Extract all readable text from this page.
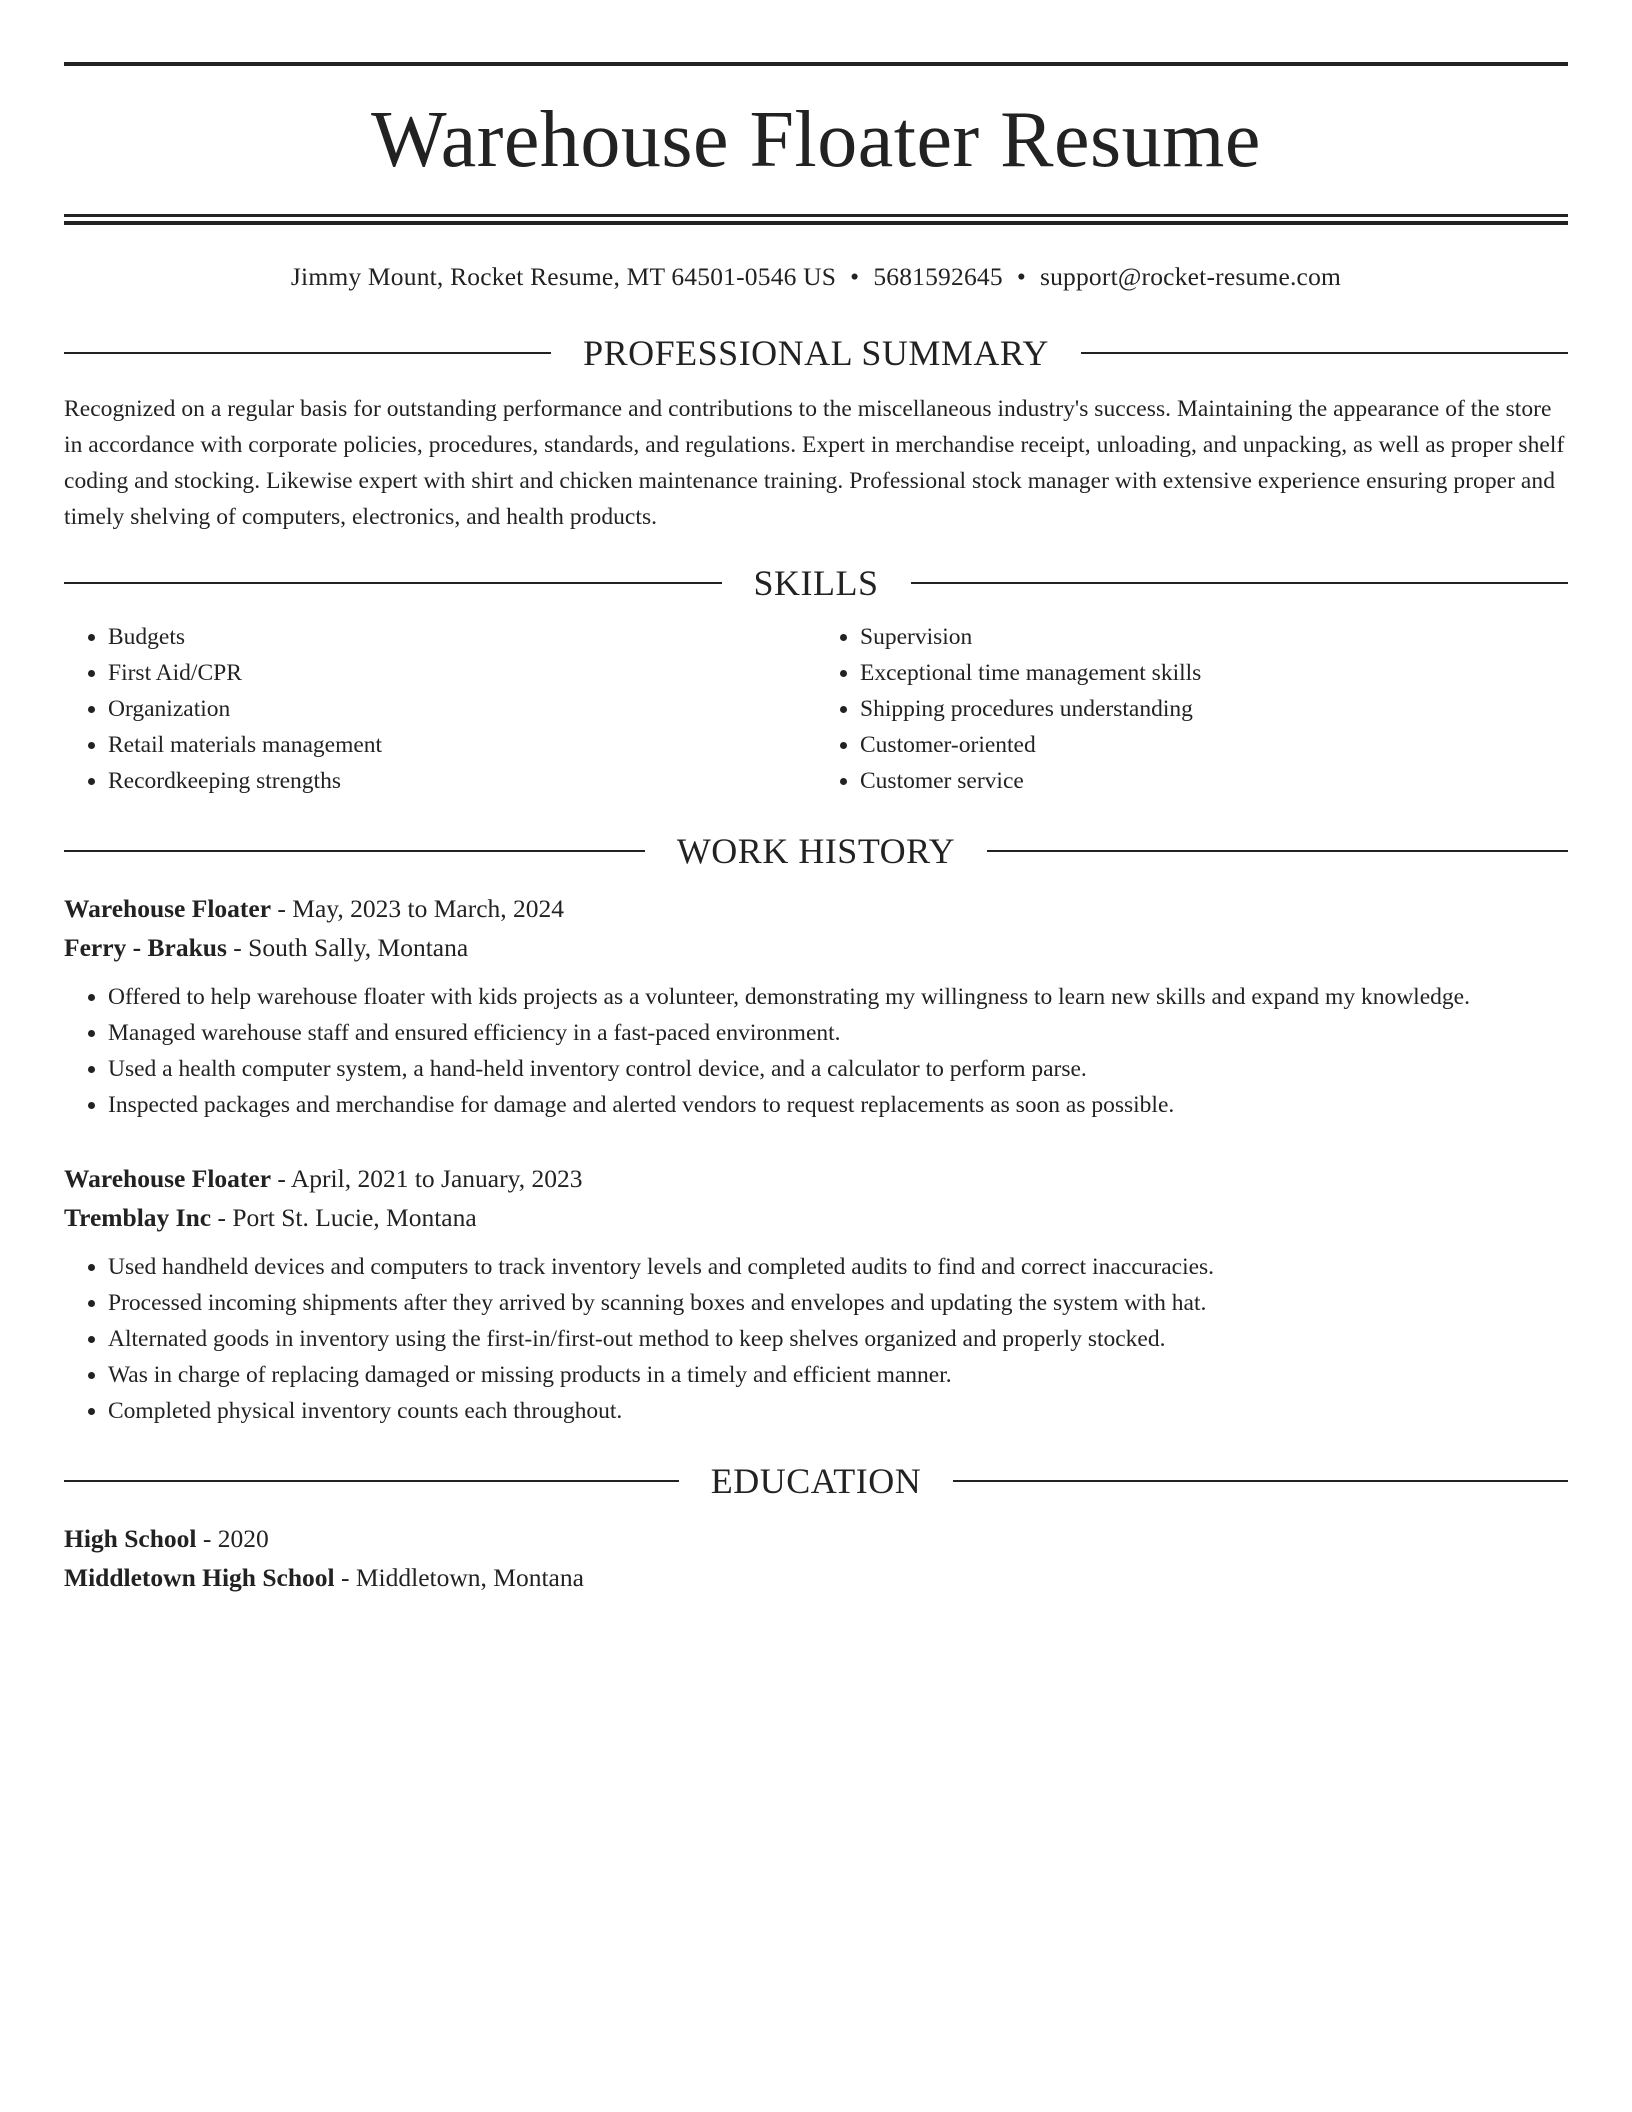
Warehouse Floater Resume
Jimmy Mount, Rocket Resume, MT 64501-0546 US • 5681592645 • support@rocket-resume.com
PROFESSIONAL SUMMARY

Recognized on a regular basis for outstanding performance and contributions to the miscellaneous industry's success. Maintaining the appearance of the store in accordance with corporate policies, procedures, standards, and regulations. Expert in merchandise receipt, unloading, and unpacking, as well as proper shelf coding and stocking. Likewise expert with shirt and chicken maintenance training. Professional stock manager with extensive experience ensuring proper and timely shelving of computers, electronics, and health products.

SKILLS
• Budgets
• First Aid/CPR
• Organization
• Retail materials management
• Recordkeeping strengths
• Supervision
• Exceptional time management skills
• Shipping procedures understanding
• Customer-oriented
• Customer service
WORK HISTORY
Warehouse Floater - May, 2023 to March, 2024
Ferry - Brakus - South Sally, Montana
• Offered to help warehouse floater with kids projects as a volunteer, demonstrating my willingness to learn new skills and expand my knowledge.
• Managed warehouse staff and ensured efficiency in a fast-paced environment.
• Used a health computer system, a hand-held inventory control device, and a calculator to perform parse.
• Inspected packages and merchandise for damage and alerted vendors to request replacements as soon as possible.
Warehouse Floater - April, 2021 to January, 2023
Tremblay Inc - Port St. Lucie, Montana
• Used handheld devices and computers to track inventory levels and completed audits to find and correct inaccuracies.
• Processed incoming shipments after they arrived by scanning boxes and envelopes and updating the system with hat.
• Alternated goods in inventory using the first-in/first-out method to keep shelves organized and properly stocked.
• Was in charge of replacing damaged or missing products in a timely and efficient manner.
• Completed physical inventory counts each throughout.
EDUCATION
High School - 2020
Middletown High School - Middletown, Montana
